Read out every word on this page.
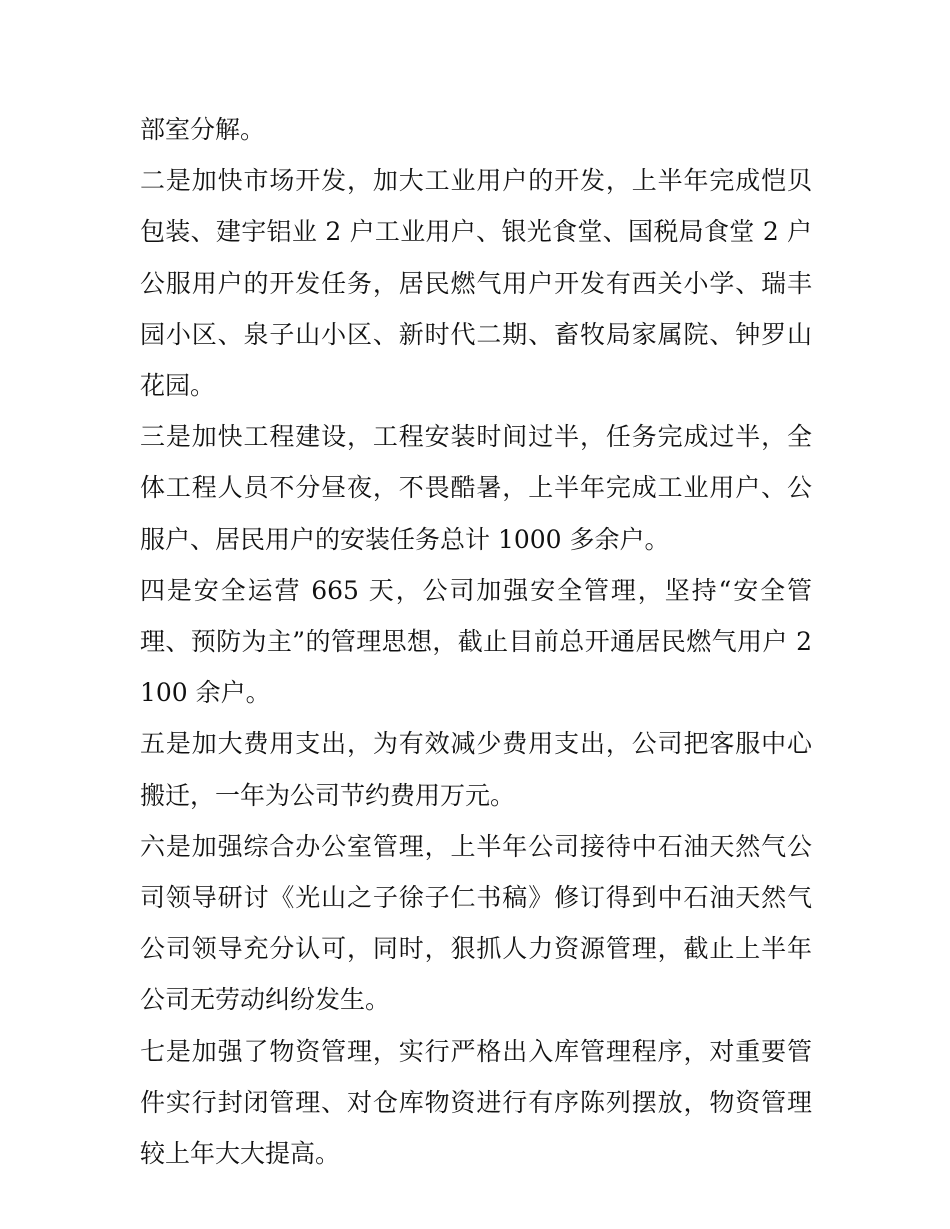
部室分解。

二是加快市场开发，加大工业用户的开发，上半年完成恺贝包装、建宇铝业 2 户工业用户、银光食堂、国税局食堂 2 户公服用户的开发任务，居民燃气用户开发有西关小学、瑞丰园小区、泉子山小区、新时代二期、畜牧局家属院、钟罗山花园。

三是加快工程建设，工程安装时间过半，任务完成过半，全体工程人员不分昼夜，不畏酷暑，上半年完成工业用户、公服户、居民用户的安装任务总计 1000 多余户。

四是安全运营 665 天，公司加强安全管理，坚持“安全管理、预防为主”的管理思想，截止目前总开通居民燃气用户 2100 余户。

五是加大费用支出，为有效减少费用支出，公司把客服中心搬迁，一年为公司节约费用万元。

六是加强综合办公室管理，上半年公司接待中石油天然气公司领导研讨《光山之子徐子仁书稿》修订得到中石油天然气公司领导充分认可，同时，狠抓人力资源管理，截止上半年公司无劳动纠纷发生。

七是加强了物资管理，实行严格出入库管理程序，对重要管件实行封闭管理、对仓库物资进行有序陈列摆放，物资管理较上年大大提高。
